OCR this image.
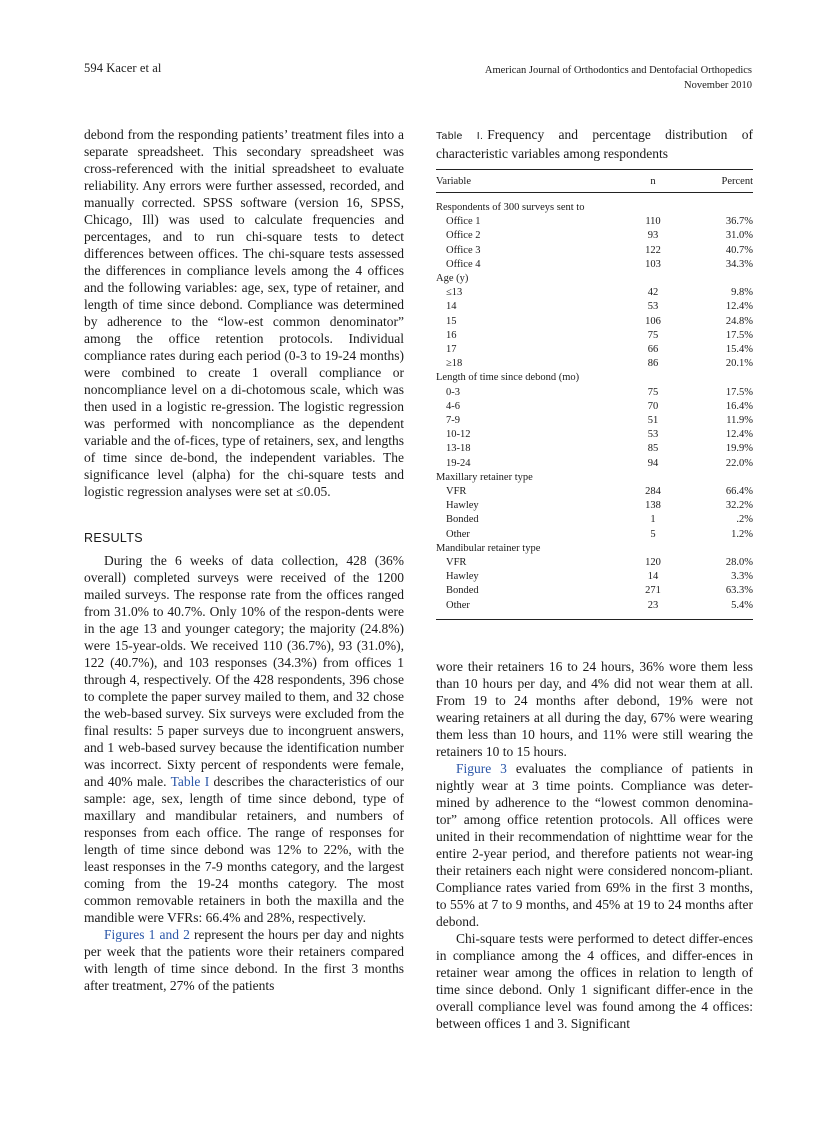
594 Kacer et al	American Journal of Orthodontics and Dentofacial Orthopedics
November 2010

debond from the responding patients’ treatment files into a separate spreadsheet. This secondary spreadsheet was cross-referenced with the initial spreadsheet to evaluate reliability. Any errors were further assessed, recorded, and manually corrected. SPSS software (version 16, SPSS, Chicago, Ill) was used to calculate frequencies and percentages, and to run chi-square tests to detect differences between offices. The chi-square tests assessed the differences in compliance levels among the 4 offices and the following variables: age, sex, type of retainer, and length of time since debond. Compliance was determined by adherence to the “low-est common denominator” among the office retention protocols. Individual compliance rates during each period (0-3 to 19-24 months) were combined to create 1 overall compliance or noncompliance level on a di-chotomous scale, which was then used in a logistic re-gression. The logistic regression was performed with noncompliance as the dependent variable and the of-fices, type of retainers, sex, and lengths of time since de-bond, the independent variables. The significance level (alpha) for the chi-square tests and logistic regression analyses were set at ≤0.05.

RESULTS

During the 6 weeks of data collection, 428 (36% overall) completed surveys were received of the 1200 mailed surveys. The response rate from the offices ranged from 31.0% to 40.7%. Only 10% of the respon-dents were in the age 13 and younger category; the majority (24.8%) were 15-year-olds. We received 110 (36.7%), 93 (31.0%), 122 (40.7%), and 103 responses (34.3%) from offices 1 through 4, respectively. Of the 428 respondents, 396 chose to complete the paper survey mailed to them, and 32 chose the web-based survey. Six surveys were excluded from the final results: 5 paper surveys due to incongruent answers, and 1 web-based survey because the identification number was incorrect. Sixty percent of respondents were female, and 40% male. Table I describes the characteristics of our sample: age, sex, length of time since debond, type of maxillary and mandibular retainers, and numbers of responses from each office. The range of responses for length of time since debond was 12% to 22%, with the least responses in the 7-9 months category, and the largest coming from the 19-24 months category. The most common removable retainers in both the maxilla and the mandible were VFRs: 66.4% and 28%, respectively.

Figures 1 and 2 represent the hours per day and nights per week that the patients wore their retainers compared with length of time since debond. In the first 3 months after treatment, 27% of the patients

Table I. Frequency and percentage distribution of characteristic variables among respondents
Variable	n	Percent
Respondents of 300 surveys sent to		
Office 1	110	36.7%
Office 2	93	31.0%
Office 3	122	40.7%
Office 4	103	34.3%
Age (y)		
≤13	42	9.8%
14	53	12.4%
15	106	24.8%
16	75	17.5%
17	66	15.4%
≥18	86	20.1%
Length of time since debond (mo)		
0-3	75	17.5%
4-6	70	16.4%
7-9	51	11.9%
10-12	53	12.4%
13-18	85	19.9%
19-24	94	22.0%
Maxillary retainer type		
VFR	284	66.4%
Hawley	138	32.2%
Bonded	1	.2%
Other	5	1.2%
Mandibular retainer type		
VFR	120	28.0%
Hawley	14	3.3%
Bonded	271	63.3%
Other	23	5.4%

wore their retainers 16 to 24 hours, 36% wore them less than 10 hours per day, and 4% did not wear them at all. From 19 to 24 months after debond, 19% were not wearing retainers at all during the day, 67% were wearing them less than 10 hours, and 11% were still wearing the retainers 10 to 15 hours.

Figure 3 evaluates the compliance of patients in nightly wear at 3 time points. Compliance was deter-mined by adherence to the “lowest common denomina-tor” among office retention protocols. All offices were united in their recommendation of nighttime wear for the entire 2-year period, and therefore patients not wear-ing their retainers each night were considered noncom-pliant. Compliance rates varied from 69% in the first 3 months, to 55% at 7 to 9 months, and 45% at 19 to 24 months after debond.

Chi-square tests were performed to detect differ-ences in compliance among the 4 offices, and differ-ences in retainer wear among the offices in relation to length of time since debond. Only 1 significant differ-ence in the overall compliance level was found among the 4 offices: between offices 1 and 3. Significant
